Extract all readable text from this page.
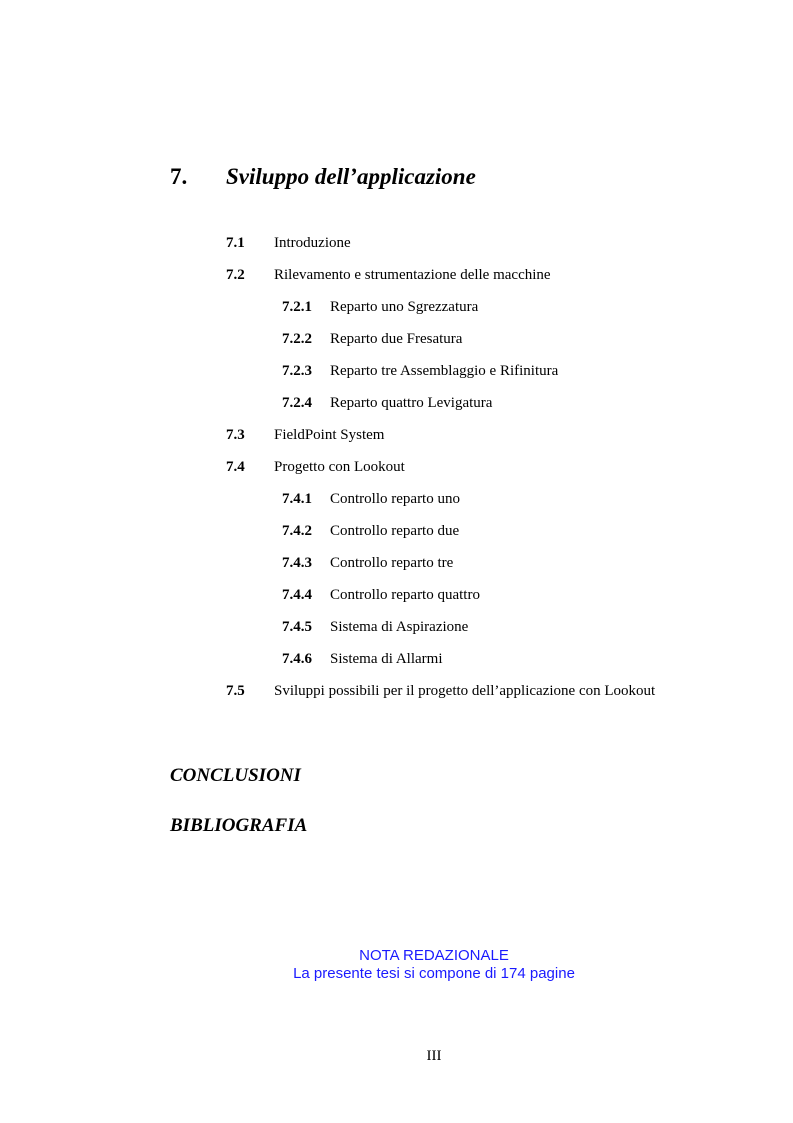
7. Sviluppo dell’applicazione
7.1 Introduzione
7.2 Rilevamento e strumentazione delle macchine
7.2.1 Reparto uno Sgrezzatura
7.2.2 Reparto due Fresatura
7.2.3 Reparto tre Assemblaggio e Rifinitura
7.2.4 Reparto quattro Levigatura
7.3 FieldPoint System
7.4 Progetto con Lookout
7.4.1 Controllo reparto uno
7.4.2 Controllo reparto due
7.4.3 Controllo reparto tre
7.4.4 Controllo reparto quattro
7.4.5 Sistema di Aspirazione
7.4.6 Sistema di Allarmi
7.5 Sviluppi possibili per il progetto dell’applicazione con Lookout
CONCLUSIONI
BIBLIOGRAFIA
NOTA REDAZIONALE
La presente tesi si compone di 174 pagine
III
